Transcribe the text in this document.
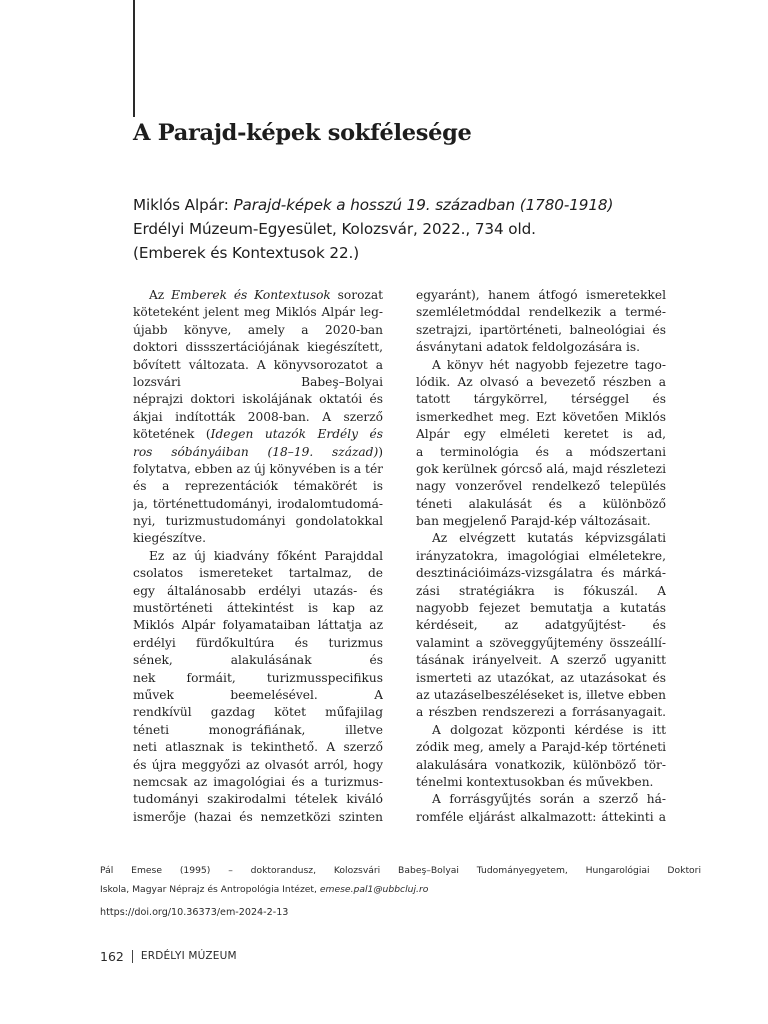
A Parajd-képek sokfélesége
Miklós Alpár: Parajd-képek a hosszú 19. században (1780-1918)
Erdélyi Múzeum-Egyesület, Kolozsvár, 2022., 734 old.
(Emberek és Kontextusok 22.)
Az Emberek és Kontextusok sorozat
köteteként jelent meg Miklós Alpár leg-
újabb könyve, amely a 2020-ban
doktori dissszertációjának kiegészített,
bővített változata. A könyvsorozatot a
lozsvári Babeş–Bolyai
néprajzi doktori iskolájának oktatói és
ákjai indították 2008-ban. A szerző
kötetének (Idegen utazók Erdély és
ros sóbányáiban (18–19. század))
folytatva, ebben az új könyvében is a tér
és a reprezentációk témakörét is
ja, történettudományi, irodalomtudomá-
nyi, turizmustudományi gondolatokkal
kiegészítve.
Ez az új kiadvány főként Parajddal
csolatos ismereteket tartalmaz, de
egy általánosabb erdélyi utazás- és
mustörténeti áttekintést is kap az
Miklós Alpár folyamataiban láttatja az
erdélyi fürdőkultúra és turizmus
sének, alakulásának és
nek formáit, turizmusspecifikus
művek beemelésével. A
rendkívül gazdag kötet műfajilag
téneti monográfiának, illetve
neti atlasznak is tekinthető. A szerző
és újra meggyőzi az olvasót arról, hogy
nemcsak az imagológiai és a turizmus-
tudományi szakirodalmi tételek kiváló
ismerője (hazai és nemzetközi szinten
egyaránt), hanem átfogó ismeretekkel
szemléletmóddal rendelkezik a termé-
szetrajzi, ipartörténeti, balneológiai és
ásványtani adatok feldolgozására is.
A könyv hét nagyobb fejezetre tago-
lódik. Az olvasó a bevezető részben a
tatott tárgykörrel, térséggel és
ismerkedhet meg. Ezt követően Miklós
Alpár egy elméleti keretet is ad,
a terminológia és a módszertani
gok kerülnek górcső alá, majd részletezi
nagy vonzerővel rendelkező település
téneti alakulását és a különböző
ban megjelenő Parajd-kép változásait.
Az elvégzett kutatás képvizsgálati
irányzatokra, imagológiai elméletekre,
desztinációimázs-vizsgálatra és márká-
zási stratégiákra is fókuszál. A
nagyobb fejezet bemutatja a kutatás
kérdéseit, az adatgyűjtést- és
valamint a szöveggyűjtemény összeállí-
tásának irányelveit. A szerző ugyanitt
ismerteti az utazókat, az utazásokat és
az utazáselbeszéléseket is, illetve ebben
a részben rendszerezi a forrásanyagait.
A dolgozat központi kérdése is itt
zódik meg, amely a Parajd-kép történeti
alakulására vonatkozik, különböző tör-
ténelmi kontextusokban és művekben.
A forrásgyűjtés során a szerző há-
romféle eljárást alkalmazott: áttekinti a
Pál Emese (1995) – doktorandusz, Kolozsvári Babeş–Bolyai Tudományegyetem, Hungarológiai Doktori
Iskola, Magyar Néprajz és Antropológia Intézet, emese.pal1@ubbcluj.ro
https://doi.org/10.36373/em-2024-2-13
162 ERDÉLYI MÚZEUM
